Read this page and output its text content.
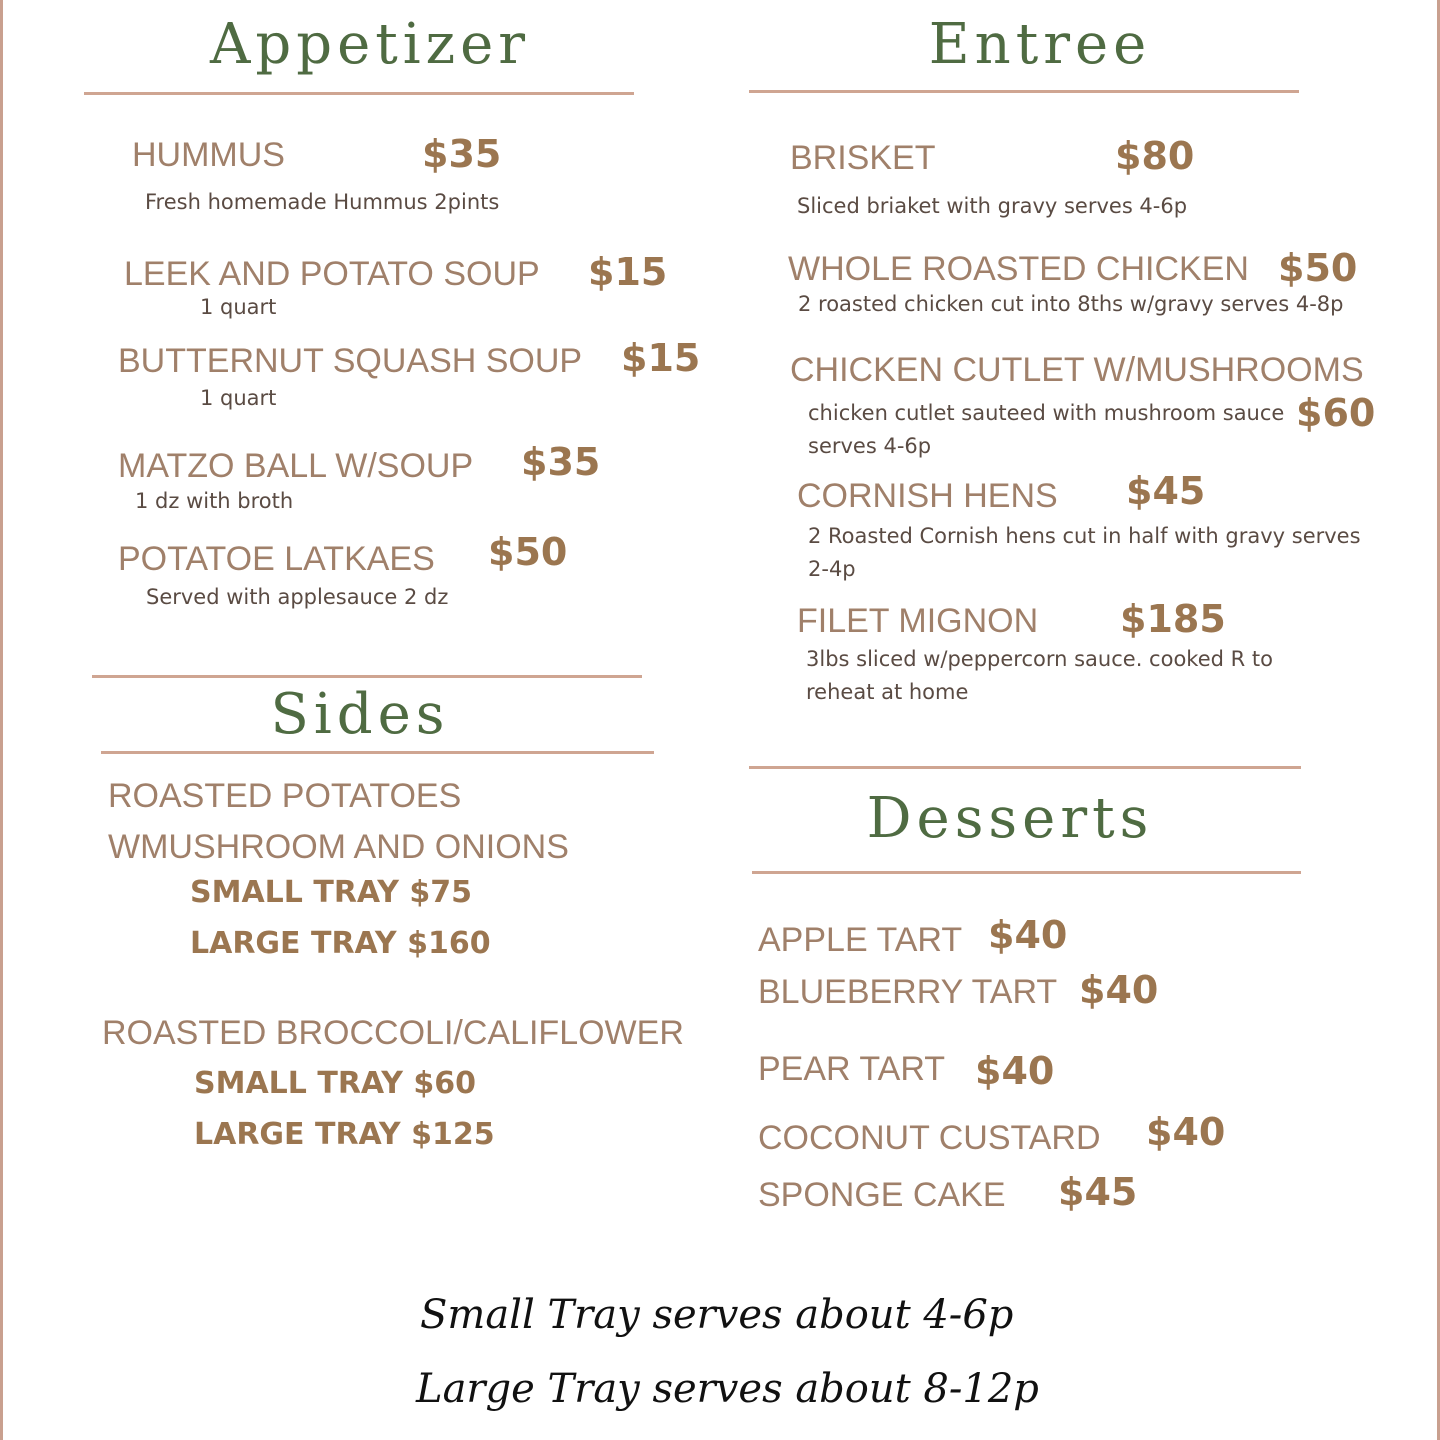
Appetizer
HUMMUS	$35
Fresh homemade Hummus 2pints
LEEK AND POTATO SOUP $15
1 quart
BUTTERNUT SQUASH SOUP $15
1 quart
MATZO BALL W/SOUP $35
1 dz with broth
POTATOE LATKAES $50
Served with applesauce 2 dz
Sides
ROASTED POTATOES
WMUSHROOM AND ONIONS
SMALL TRAY $75
LARGE TRAY $160
ROASTED BROCCOLI/CALIFLOWER
SMALL TRAY $60
LARGE TRAY $125
Entree
BRISKET	$80
Sliced briaket with gravy serves 4-6p
WHOLE ROASTED CHICKEN $50
2 roasted chicken cut into 8ths w/gravy serves 4-8p
CHICKEN CUTLET W/MUSHROOMS
chicken cutlet sauteed with mushroom sauce $60
serves 4-6p
CORNISH HENS $45
2 Roasted Cornish hens cut in half with gravy serves
2-4p
FILET MIGNON $185
3lbs sliced w/peppercorn sauce. cooked R to
reheat at home
Desserts
APPLE TART $40
BLUEBERRY TART $40
PEAR TART $40
COCONUT CUSTARD $40
SPONGE CAKE $45
Small Tray serves about 4-6p
Large Tray serves about 8-12p
